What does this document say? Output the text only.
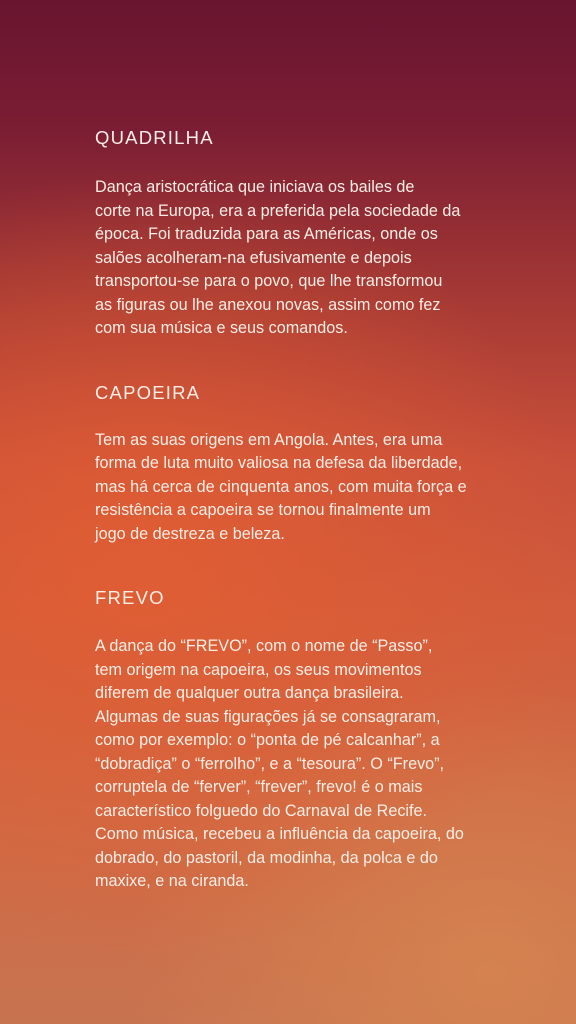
QUADRILHA

Dança aristocrática que iniciava os bailes de
corte na Europa, era a preferida pela sociedade da
época. Foi traduzida para as Américas, onde os
salões acolheram-na efusivamente e depois
transportou-se para o povo, que lhe transformou
as figuras ou lhe anexou novas, assim como fez
com sua música e seus comandos.

CAPOEIRA

Tem as suas origens em Angola. Antes, era uma
forma de luta muito valiosa na defesa da liberdade,
mas há cerca de cinquenta anos, com muita força e
resistência a capoeira se tornou finalmente um
jogo de destreza e beleza.

FREVO

A dança do “FREVO”, com o nome de “Passo”,
tem origem na capoeira, os seus movimentos
diferem de qualquer outra dança brasileira.
Algumas de suas figurações já se consagraram,
como por exemplo: o “ponta de pé calcanhar”, a
“dobradiça” o “ferrolho”, e a “tesoura”. O “Frevo”,
corruptela de “ferver”, “frever”, frevo! é o mais
característico folguedo do Carnaval de Recife.
Como música, recebeu a influência da capoeira, do
dobrado, do pastoril, da modinha, da polca e do
maxixe, e na ciranda.
